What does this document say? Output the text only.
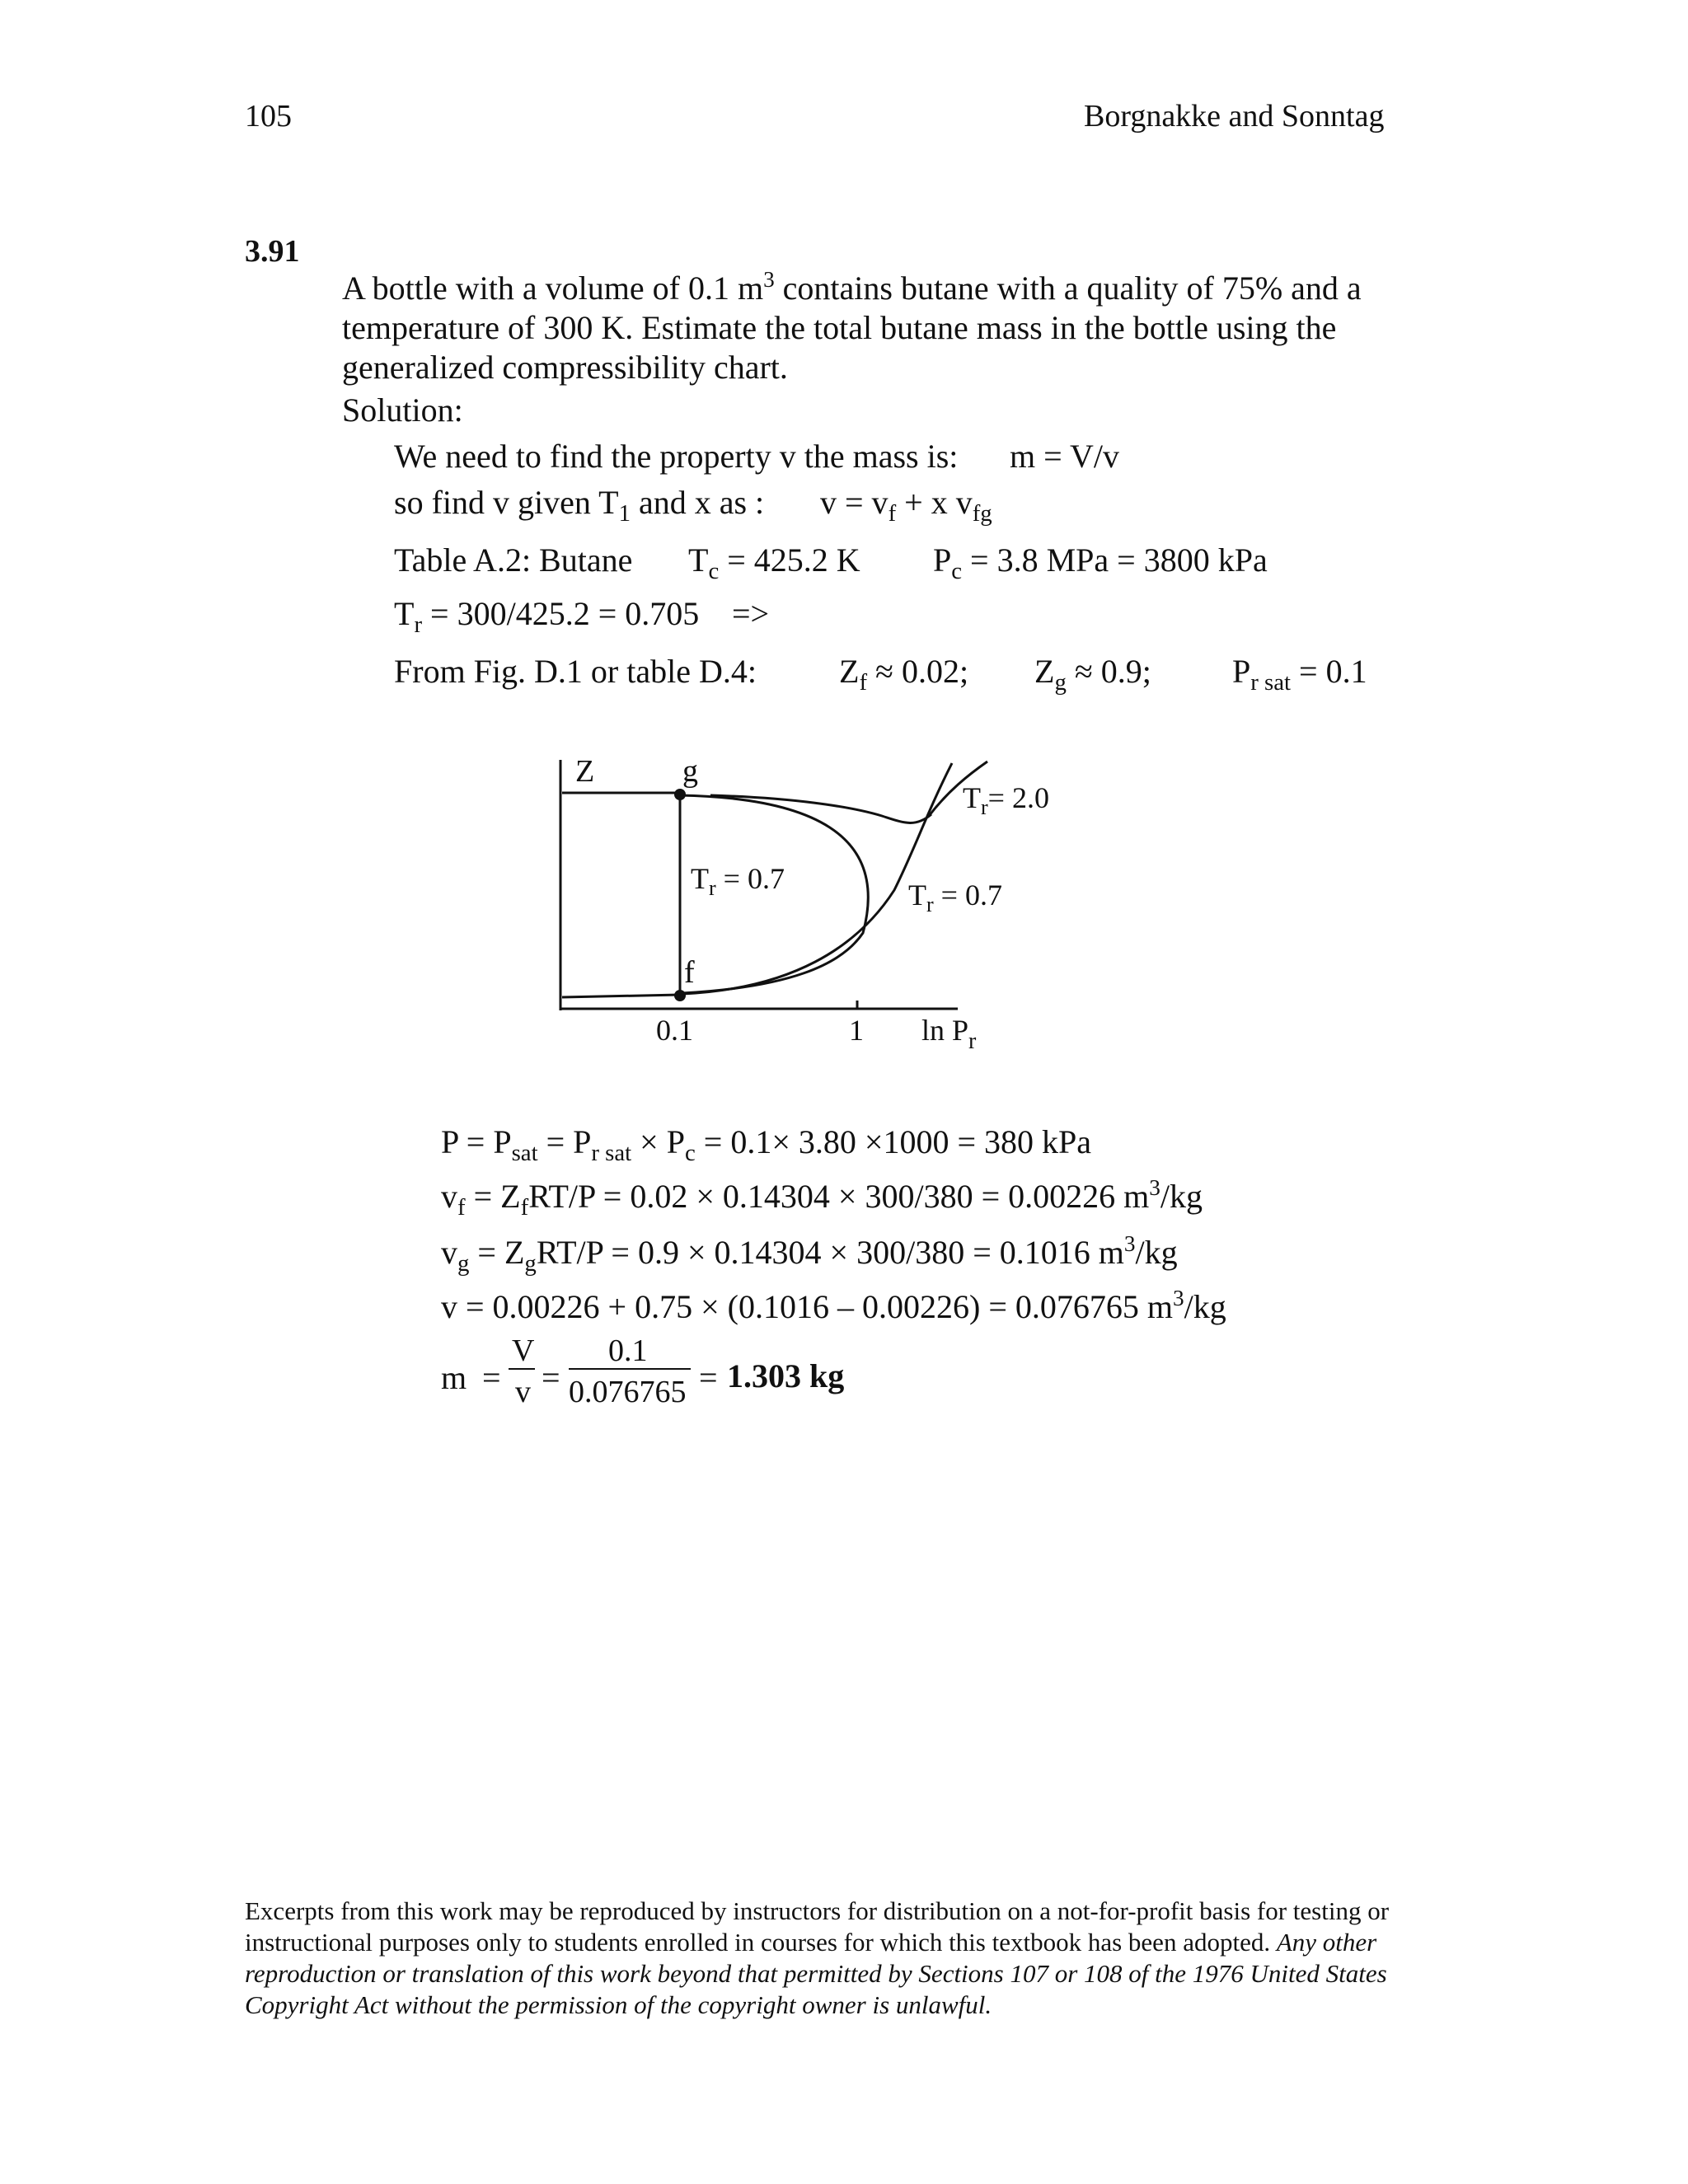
105	Borgnakke and Sonntag
3.91
A bottle with a volume of 0.1 $m^3$ contains butane with a quality of 75% and a
temperature of 300 K. Estimate the total butane mass in the bottle using the
generalized compressibility chart.
Solution:
We need to find the property v the mass is: m = V/v
so find v given $T_1$ and x as : $v = v_f + x$ $v_{fg}$
Table A.2: Butane $T_c = 425.2$ K $P_c = 3.8$ MPa = 3800 kPa
$T_r = 300/425.2 = 0.705$ =>
From Fig. D.1 or table D.4:	$Z_f \approx 0.02$; $Z_g \approx 0.9$; $P_{r sat} = 0.1$
Z	g
f
$T_r = 0.7$	$T_r = 0.7$
$T_r= 2.0$
0.1	1 $\ln P_r$
$P = P_{sat} = P_{r sat} \times P_c = 0.1\times 3.80 \times 1000 = 380$ kPa
$v_f = Z_fRT/P = 0.02 \times 0.14304 \times 300/380 = 0.00226$ $m^3/kg$
$v_g = Z_gRT/P = 0.9 \times 0.14304 \times 300/380 = 0.1016$ $m^3/kg$
v = 0.00226 + 0.75 × (0.1016 – 0.00226) = 0.076765 $m^3/kg$
m =
V
v =
0.1
0.076765 = 1.303 kg

Excerpts from this work may be reproduced by instructors for distribution on a not-for-profit basis for testing or instructional purposes only to students enrolled in courses for which this textbook has been adopted. Any other reproduction or translation of this work beyond that permitted by Sections 107 or 108 of the 1976 United States Copyright Act without the permission of the copyright owner is unlawful.
